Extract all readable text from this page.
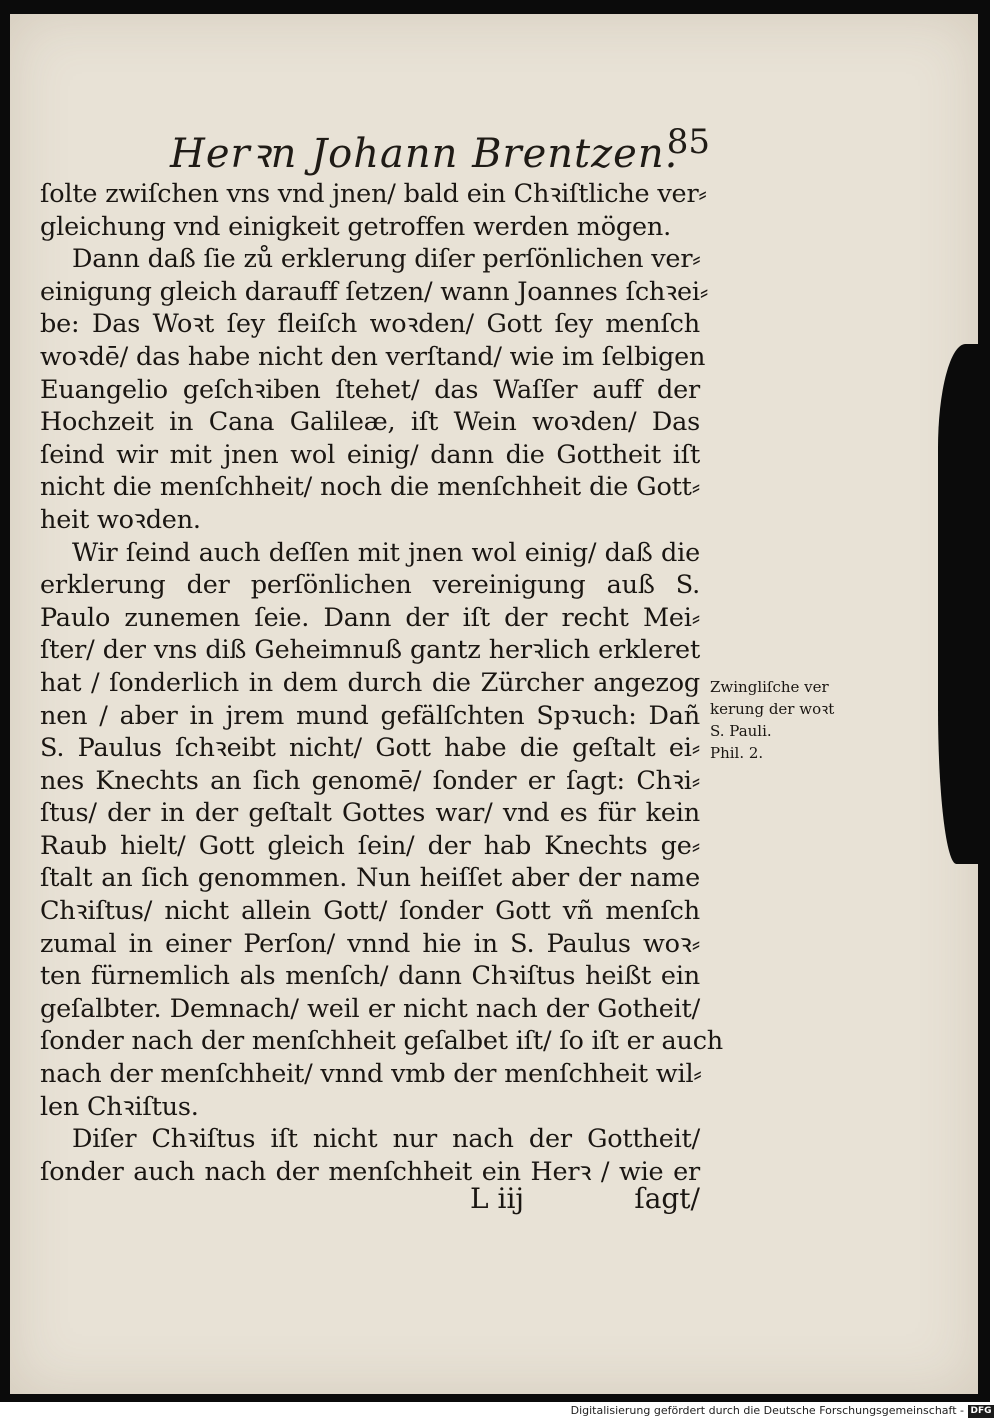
Herꝛn Johann Brentzen.
85
ſolte zwiſchen vns vnd jnen/ bald ein Chꝛiſtliche ver⸗
gleichung vnd einigkeit getroffen werden mögen.
Dann daß ſie zů erklerung diſer perſönlichen ver⸗
einigung gleich darauff ſetzen/ wann Joannes ſchꝛei⸗
be: Das Woꝛt ſey fleiſch woꝛden/ Gott ſey menſch
woꝛdē/ das habe nicht den verſtand/ wie im ſelbigen
Euangelio geſchꝛiben ſtehet/ das Waſſer auff der
Hochzeit in Cana Galileæ, iſt Wein woꝛden/ Das
ſeind wir mit jnen wol einig/ dann die Gottheit iſt
nicht die menſchheit/ noch die menſchheit die Gott⸗
heit woꝛden.
Wir ſeind auch deſſen mit jnen wol einig/ daß die
erklerung der perſönlichen vereinigung auß S.
Paulo zunemen ſeie. Dann der iſt der recht Mei⸗
ſter/ der vns diß Geheimnuß gantz herꝛlich erkleret
hat / ſonderlich in dem durch die Zürcher angezog
nen / aber in jrem mund gefälſchten Spꝛuch: Dañ
S. Paulus ſchꝛeibt nicht/ Gott habe die geſtalt ei⸗
nes Knechts an ſich genomē/ ſonder er ſagt: Chꝛi⸗
ſtus/ der in der geſtalt Gottes war/ vnd es für kein
Raub hielt/ Gott gleich ſein/ der hab Knechts ge⸗
ſtalt an ſich genommen. Nun heiſſet aber der name
Chꝛiſtus/ nicht allein Gott/ ſonder Gott vñ menſch
zumal in einer Perſon/ vnnd hie in S. Paulus woꝛ⸗
ten fürnemlich als menſch/ dann Chꝛiſtus heißt ein
geſalbter. Demnach/ weil er nicht nach der Gotheit/
ſonder nach der menſchheit geſalbet iſt/ ſo iſt er auch
nach der menſchheit/ vnnd vmb der menſchheit wil⸗
len Chꝛiſtus.
Diſer Chꝛiſtus iſt nicht nur nach der Gottheit/
ſonder auch nach der menſchheit ein Herꝛ / wie er
L iij	ſagt/
Zwingliſche ver
kerung der woꝛt
S. Pauli.
Phil. 2.
Digitalisierung gefördert durch die Deutsche Forschungsgemeinschaft - DFG
